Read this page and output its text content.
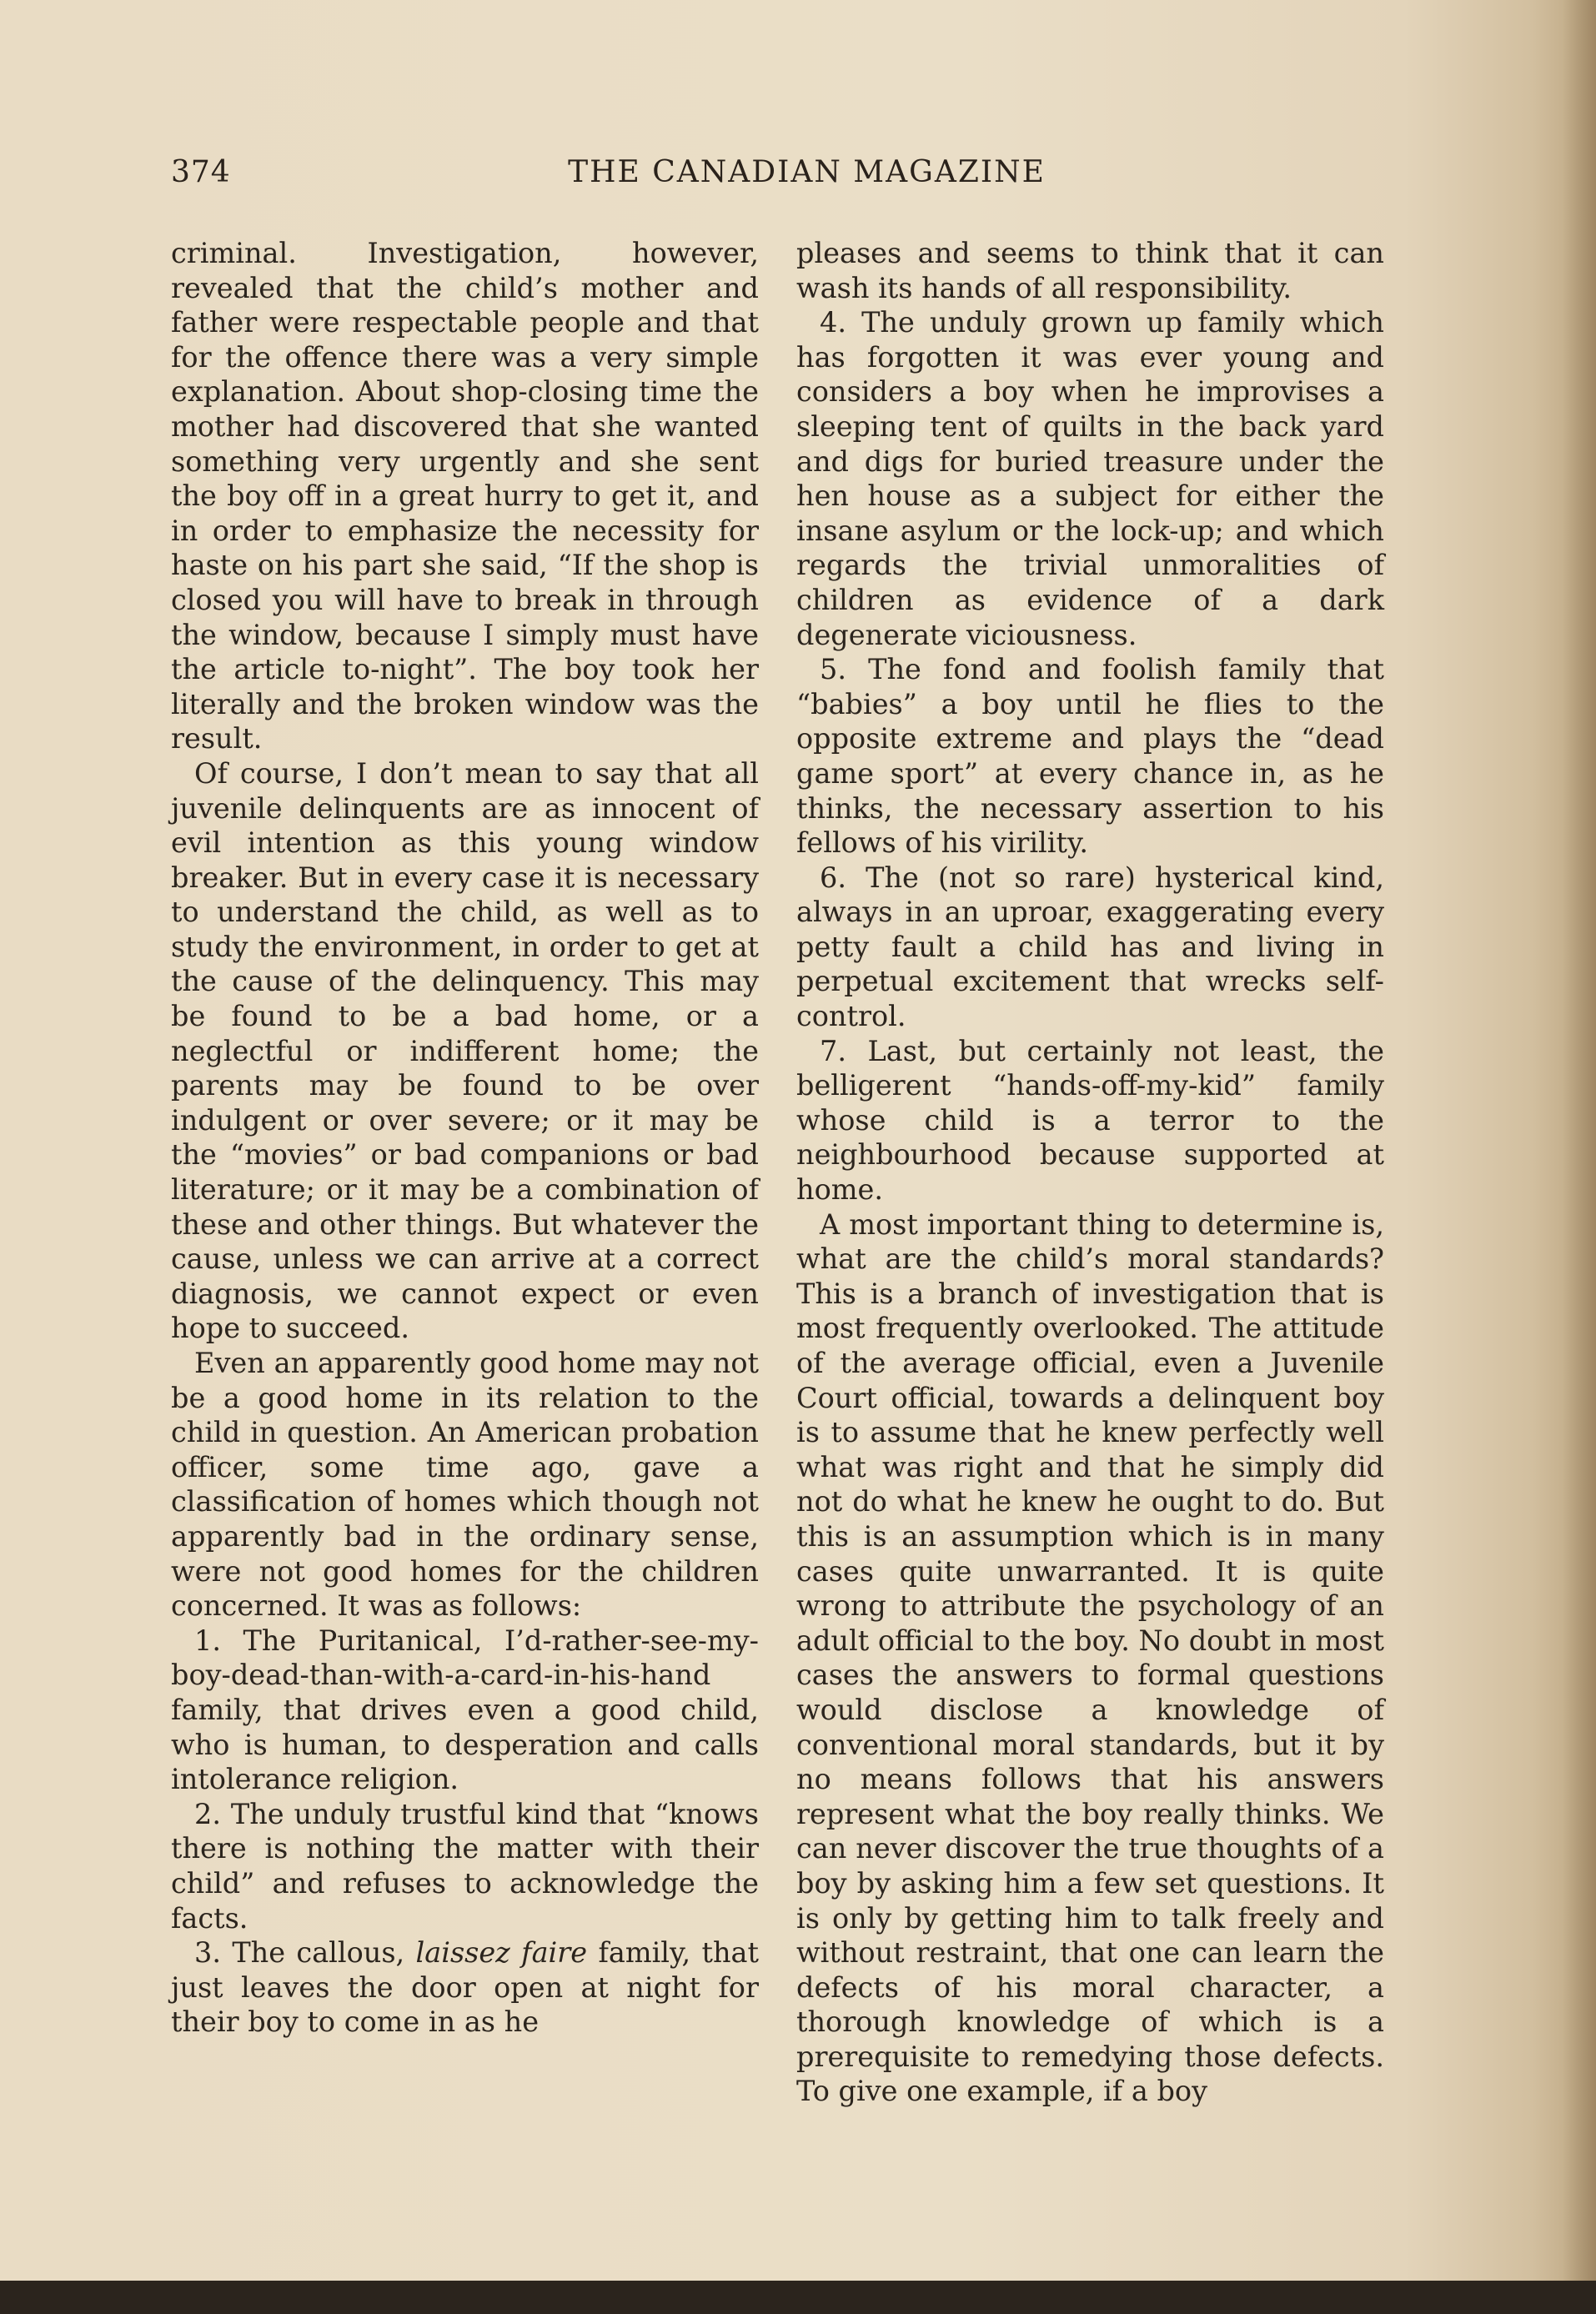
374	THE CANADIAN MAGAZINE

criminal. Investigation, however, revealed that the child’s mother and father were respectable people and that for the offence there was a very simple explanation. About shop-closing time the mother had discovered that she wanted something very urgently and she sent the boy off in a great hurry to get it, and in order to emphasize the necessity for haste on his part she said, “If the shop is closed you will have to break in through the window, because I simply must have the article to-night”. The boy took her literally and the broken window was the result.

Of course, I don’t mean to say that all juvenile delinquents are as innocent of evil intention as this young window breaker. But in every case it is necessary to understand the child, as well as to study the environment, in order to get at the cause of the delinquency. This may be found to be a bad home, or a neglectful or indifferent home; the parents may be found to be over indulgent or over severe; or it may be the “movies” or bad companions or bad literature; or it may be a combination of these and other things. But whatever the cause, unless we can arrive at a correct diagnosis, we cannot expect or even hope to succeed.

Even an apparently good home may not be a good home in its relation to the child in question. An American probation officer, some time ago, gave a classification of homes which though not apparently bad in the ordinary sense, were not good homes for the children concerned. It was as follows:

1. The Puritanical, I’d-rather-see-my-boy-dead-than-with-a-card-in-his-hand family, that drives even a good child, who is human, to desperation and calls intolerance religion.

2. The unduly trustful kind that “knows there is nothing the matter with their child” and refuses to acknowledge the facts.

3. The callous, laissez faire family, that just leaves the door open at night for their boy to come in as he

pleases and seems to think that it can wash its hands of all responsibility.

4. The unduly grown up family which has forgotten it was ever young and considers a boy when he improvises a sleeping tent of quilts in the back yard and digs for buried treasure under the hen house as a subject for either the insane asylum or the lock-up; and which regards the trivial unmoralities of children as evidence of a dark degenerate viciousness.

5. The fond and foolish family that “babies” a boy until he flies to the opposite extreme and plays the “dead game sport” at every chance in, as he thinks, the necessary assertion to his fellows of his virility.

6. The (not so rare) hysterical kind, always in an uproar, exaggerating every petty fault a child has and living in perpetual excitement that wrecks self-control.

7. Last, but certainly not least, the belligerent “hands-off-my-kid” family whose child is a terror to the neighbourhood because supported at home.

A most important thing to determine is, what are the child’s moral standards? This is a branch of investigation that is most frequently overlooked. The attitude of the average official, even a Juvenile Court official, towards a delinquent boy is to assume that he knew perfectly well what was right and that he simply did not do what he knew he ought to do. But this is an assumption which is in many cases quite unwarranted. It is quite wrong to attribute the psychology of an adult official to the boy. No doubt in most cases the answers to formal questions would disclose a knowledge of conventional moral standards, but it by no means follows that his answers represent what the boy really thinks. We can never discover the true thoughts of a boy by asking him a few set questions. It is only by getting him to talk freely and without restraint, that one can learn the defects of his moral character, a thorough knowledge of which is a prerequisite to remedying those defects. To give one example, if a boy
